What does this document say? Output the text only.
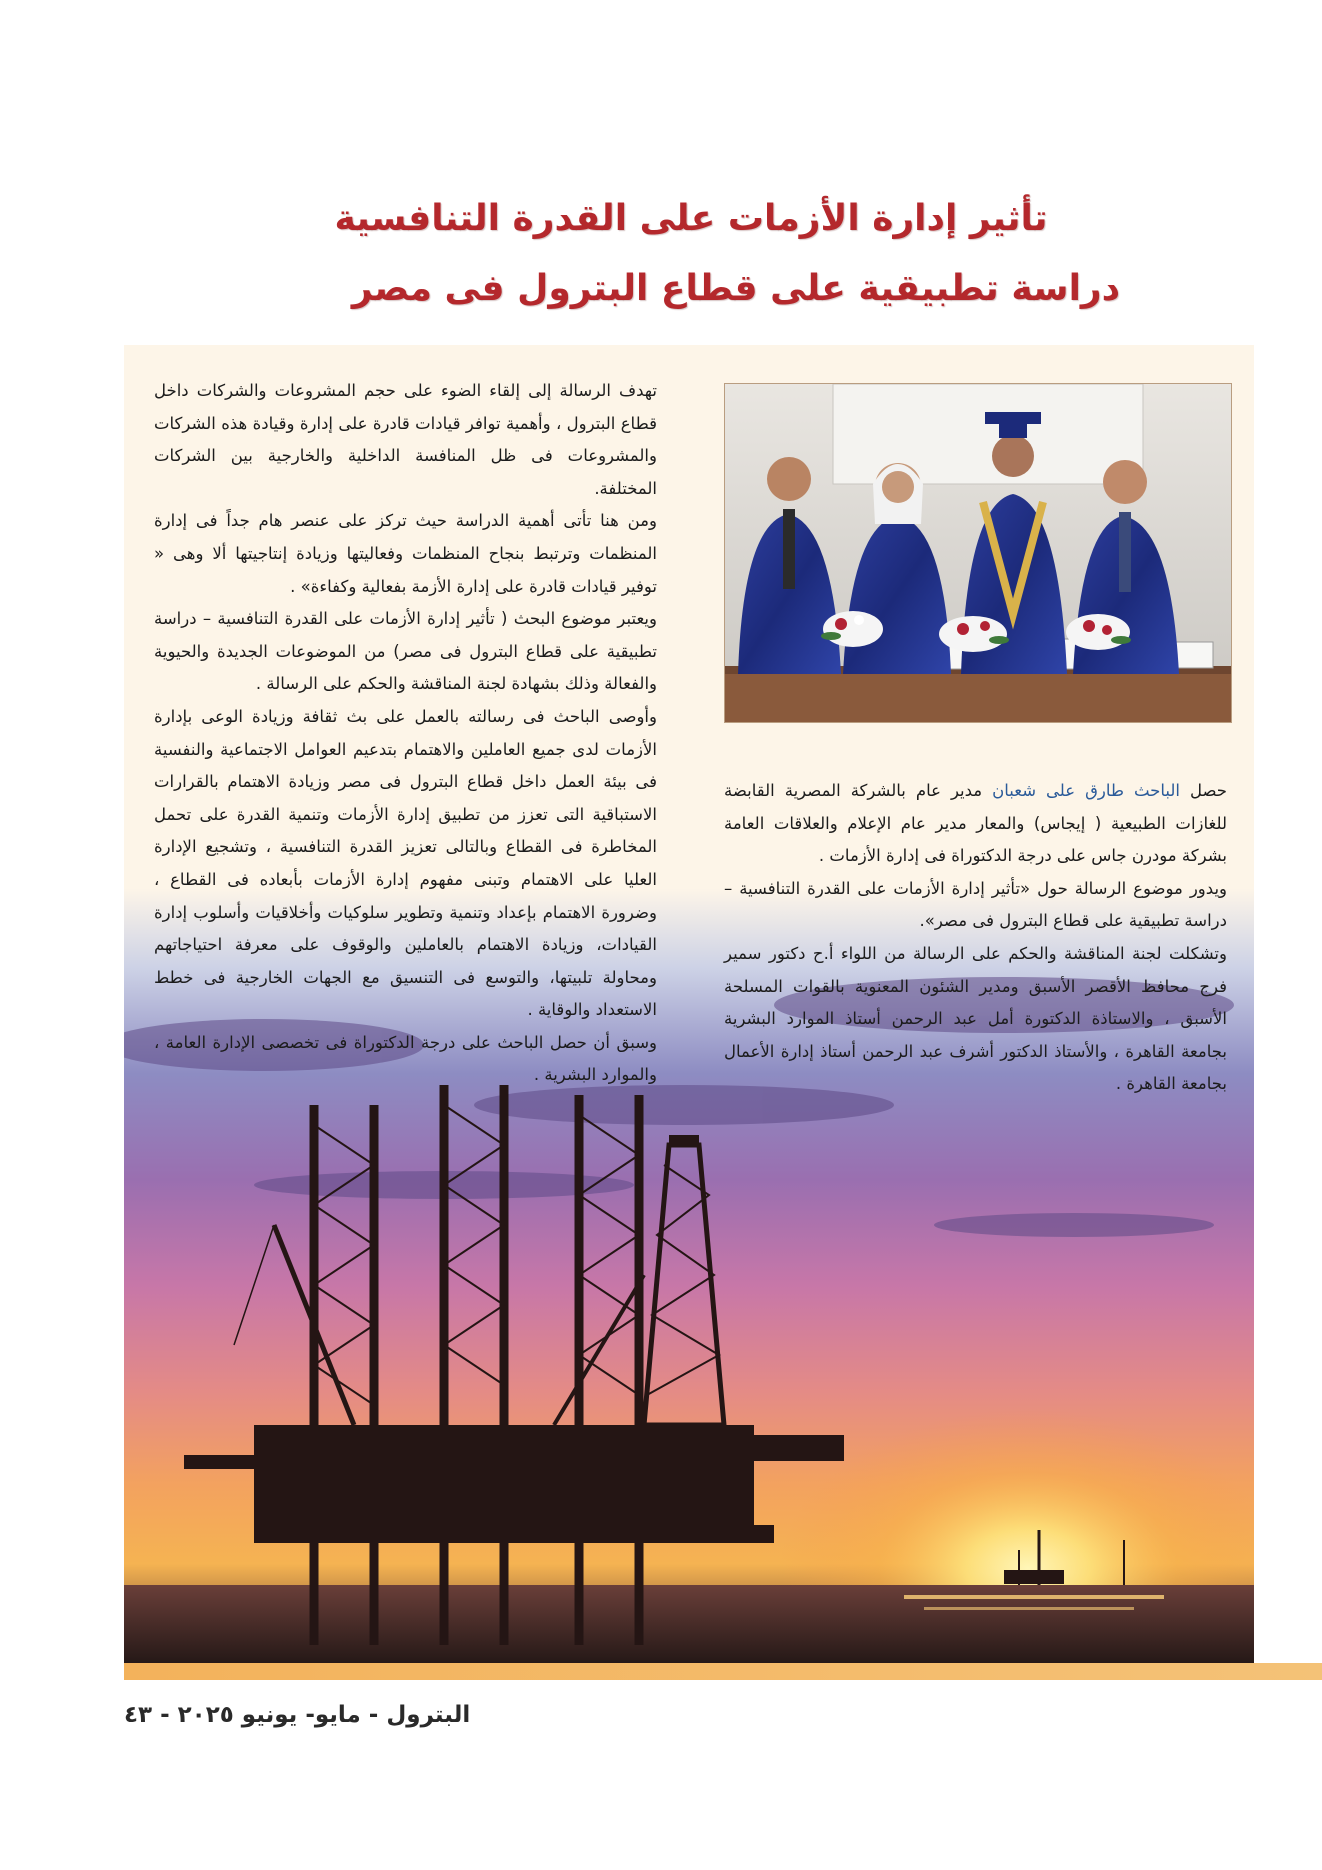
تأثير إدارة الأزمات على القدرة التنافسية
دراسة تطبيقية على قطاع البترول فى مصر

تهدف الرسالة إلى إلقاء الضوء على حجم المشروعات والشركات داخل قطاع البترول ، وأهمية توافر قيادات قادرة على إدارة وقيادة هذه الشركات والمشروعات فى ظل المنافسة الداخلية والخارجية بين الشركات المختلفة.

ومن هنا تأتى أهمية الدراسة حيث تركز على عنصر هام جداً فى إدارة المنظمات وترتبط بنجاح المنظمات وفعاليتها وزيادة إنتاجيتها ألا وهى « توفير قيادات قادرة على إدارة الأزمة بفعالية وكفاءة» .

ويعتبر موضوع البحث ( تأثير إدارة الأزمات على القدرة التنافسية – دراسة تطبيقية على قطاع البترول فى مصر) من الموضوعات الجديدة والحيوية والفعالة وذلك بشهادة لجنة المناقشة والحكم على الرسالة .

وأوصى الباحث فى رسالته بالعمل على بث ثقافة وزيادة الوعى بإدارة الأزمات لدى جميع العاملين والاهتمام بتدعيم العوامل الاجتماعية والنفسية فى بيئة العمل داخل قطاع البترول فى مصر وزيادة الاهتمام بالقرارات الاستباقية التى تعزز من تطبيق إدارة الأزمات وتنمية القدرة على تحمل المخاطرة فى القطاع وبالتالى تعزيز القدرة التنافسية ، وتشجيع الإدارة العليا على الاهتمام وتبنى مفهوم إدارة الأزمات بأبعاده فى القطاع ، وضرورة الاهتمام بإعداد وتنمية وتطوير سلوكيات وأخلاقيات وأسلوب إدارة القيادات، وزيادة الاهتمام بالعاملين والوقوف على معرفة احتياجاتهم ومحاولة تلبيتها، والتوسع فى التنسيق مع الجهات الخارجية فى خطط الاستعداد والوقاية .

وسبق أن حصل الباحث على درجة الدكتوراة فى تخصصى الإدارة العامة ، والموارد البشرية .

حصل الباحث طارق على شعبان مدير عام بالشركة المصرية القابضة للغازات الطبيعية ( إيجاس) والمعار مدير عام الإعلام والعلاقات العامة بشركة مودرن جاس على درجة الدكتوراة فى إدارة الأزمات .

ويدور موضوع الرسالة حول «تأثير إدارة الأزمات على القدرة التنافسية – دراسة تطبيقية على قطاع البترول فى مصر».

وتشكلت لجنة المناقشة والحكم على الرسالة من اللواء أ.ح دكتور سمير فرج محافظ الأقصر الأسبق ومدير الشئون المعنوية بالقوات المسلحة الأسبق ، والاستاذة الدكتورة أمل عبد الرحمن أستاذ الموارد البشرية بجامعة القاهرة ، والأستاذ الدكتور أشرف عبد الرحمن أستاذ إدارة الأعمال بجامعة القاهرة .

البترول - مايو- يونيو ٢٠٢٥ - ٤٣
